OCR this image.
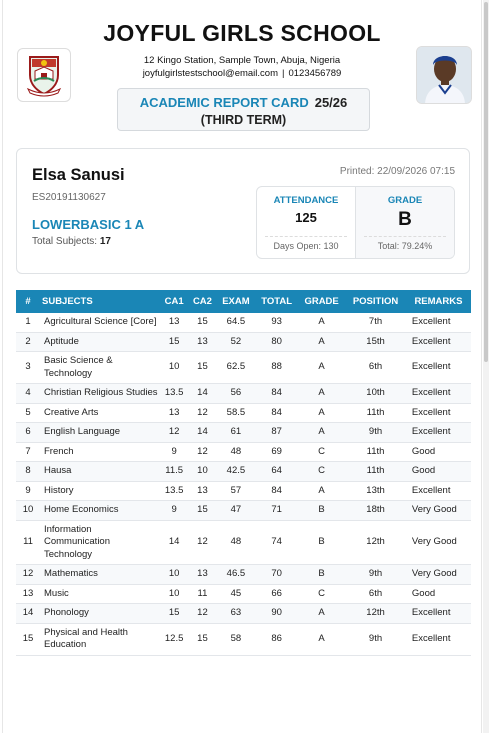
JOYFUL GIRLS SCHOOL
12 Kingo Station, Sample Town, Abuja, Nigeria
joyfulgirlstestschool@email.com | 0123456789
ACADEMIC REPORT CARD 25/26
(THIRD TERM)
Elsa Sanusi
ES20191130627
LOWERBASIC 1 A
Total Subjects: 17
Printed: 22/09/2026 07:15
ATTENDANCE
125
Days Open: 130
GRADE
B
Total: 79.24%
#	SUBJECTS	CA1	CA2	EXAM	TOTAL	GRADE	POSITION	REMARKS
1	Agricultural Science [Core]	13	15	64.5	93	A	7th	Excellent
2	Aptitude	15	13	52	80	A	15th	Excellent
3	Basic Science & Technology	10	15	62.5	88	A	6th	Excellent
4	Christian Religious Studies	13.5	14	56	84	A	10th	Excellent
5	Creative Arts	13	12	58.5	84	A	11th	Excellent
6	English Language	12	14	61	87	A	9th	Excellent
7	French	9	12	48	69	C	11th	Good
8	Hausa	11.5	10	42.5	64	C	11th	Good
9	History	13.5	13	57	84	A	13th	Excellent
10	Home Economics	9	15	47	71	B	18th	Very Good
11	Information Communication Technology	14	12	48	74	B	12th	Very Good
12	Mathematics	10	13	46.5	70	B	9th	Very Good
13	Music	10	11	45	66	C	6th	Good
14	Phonology	15	12	63	90	A	12th	Excellent
15	Physical and Health Education	12.5	15	58	86	A	9th	Excellent
